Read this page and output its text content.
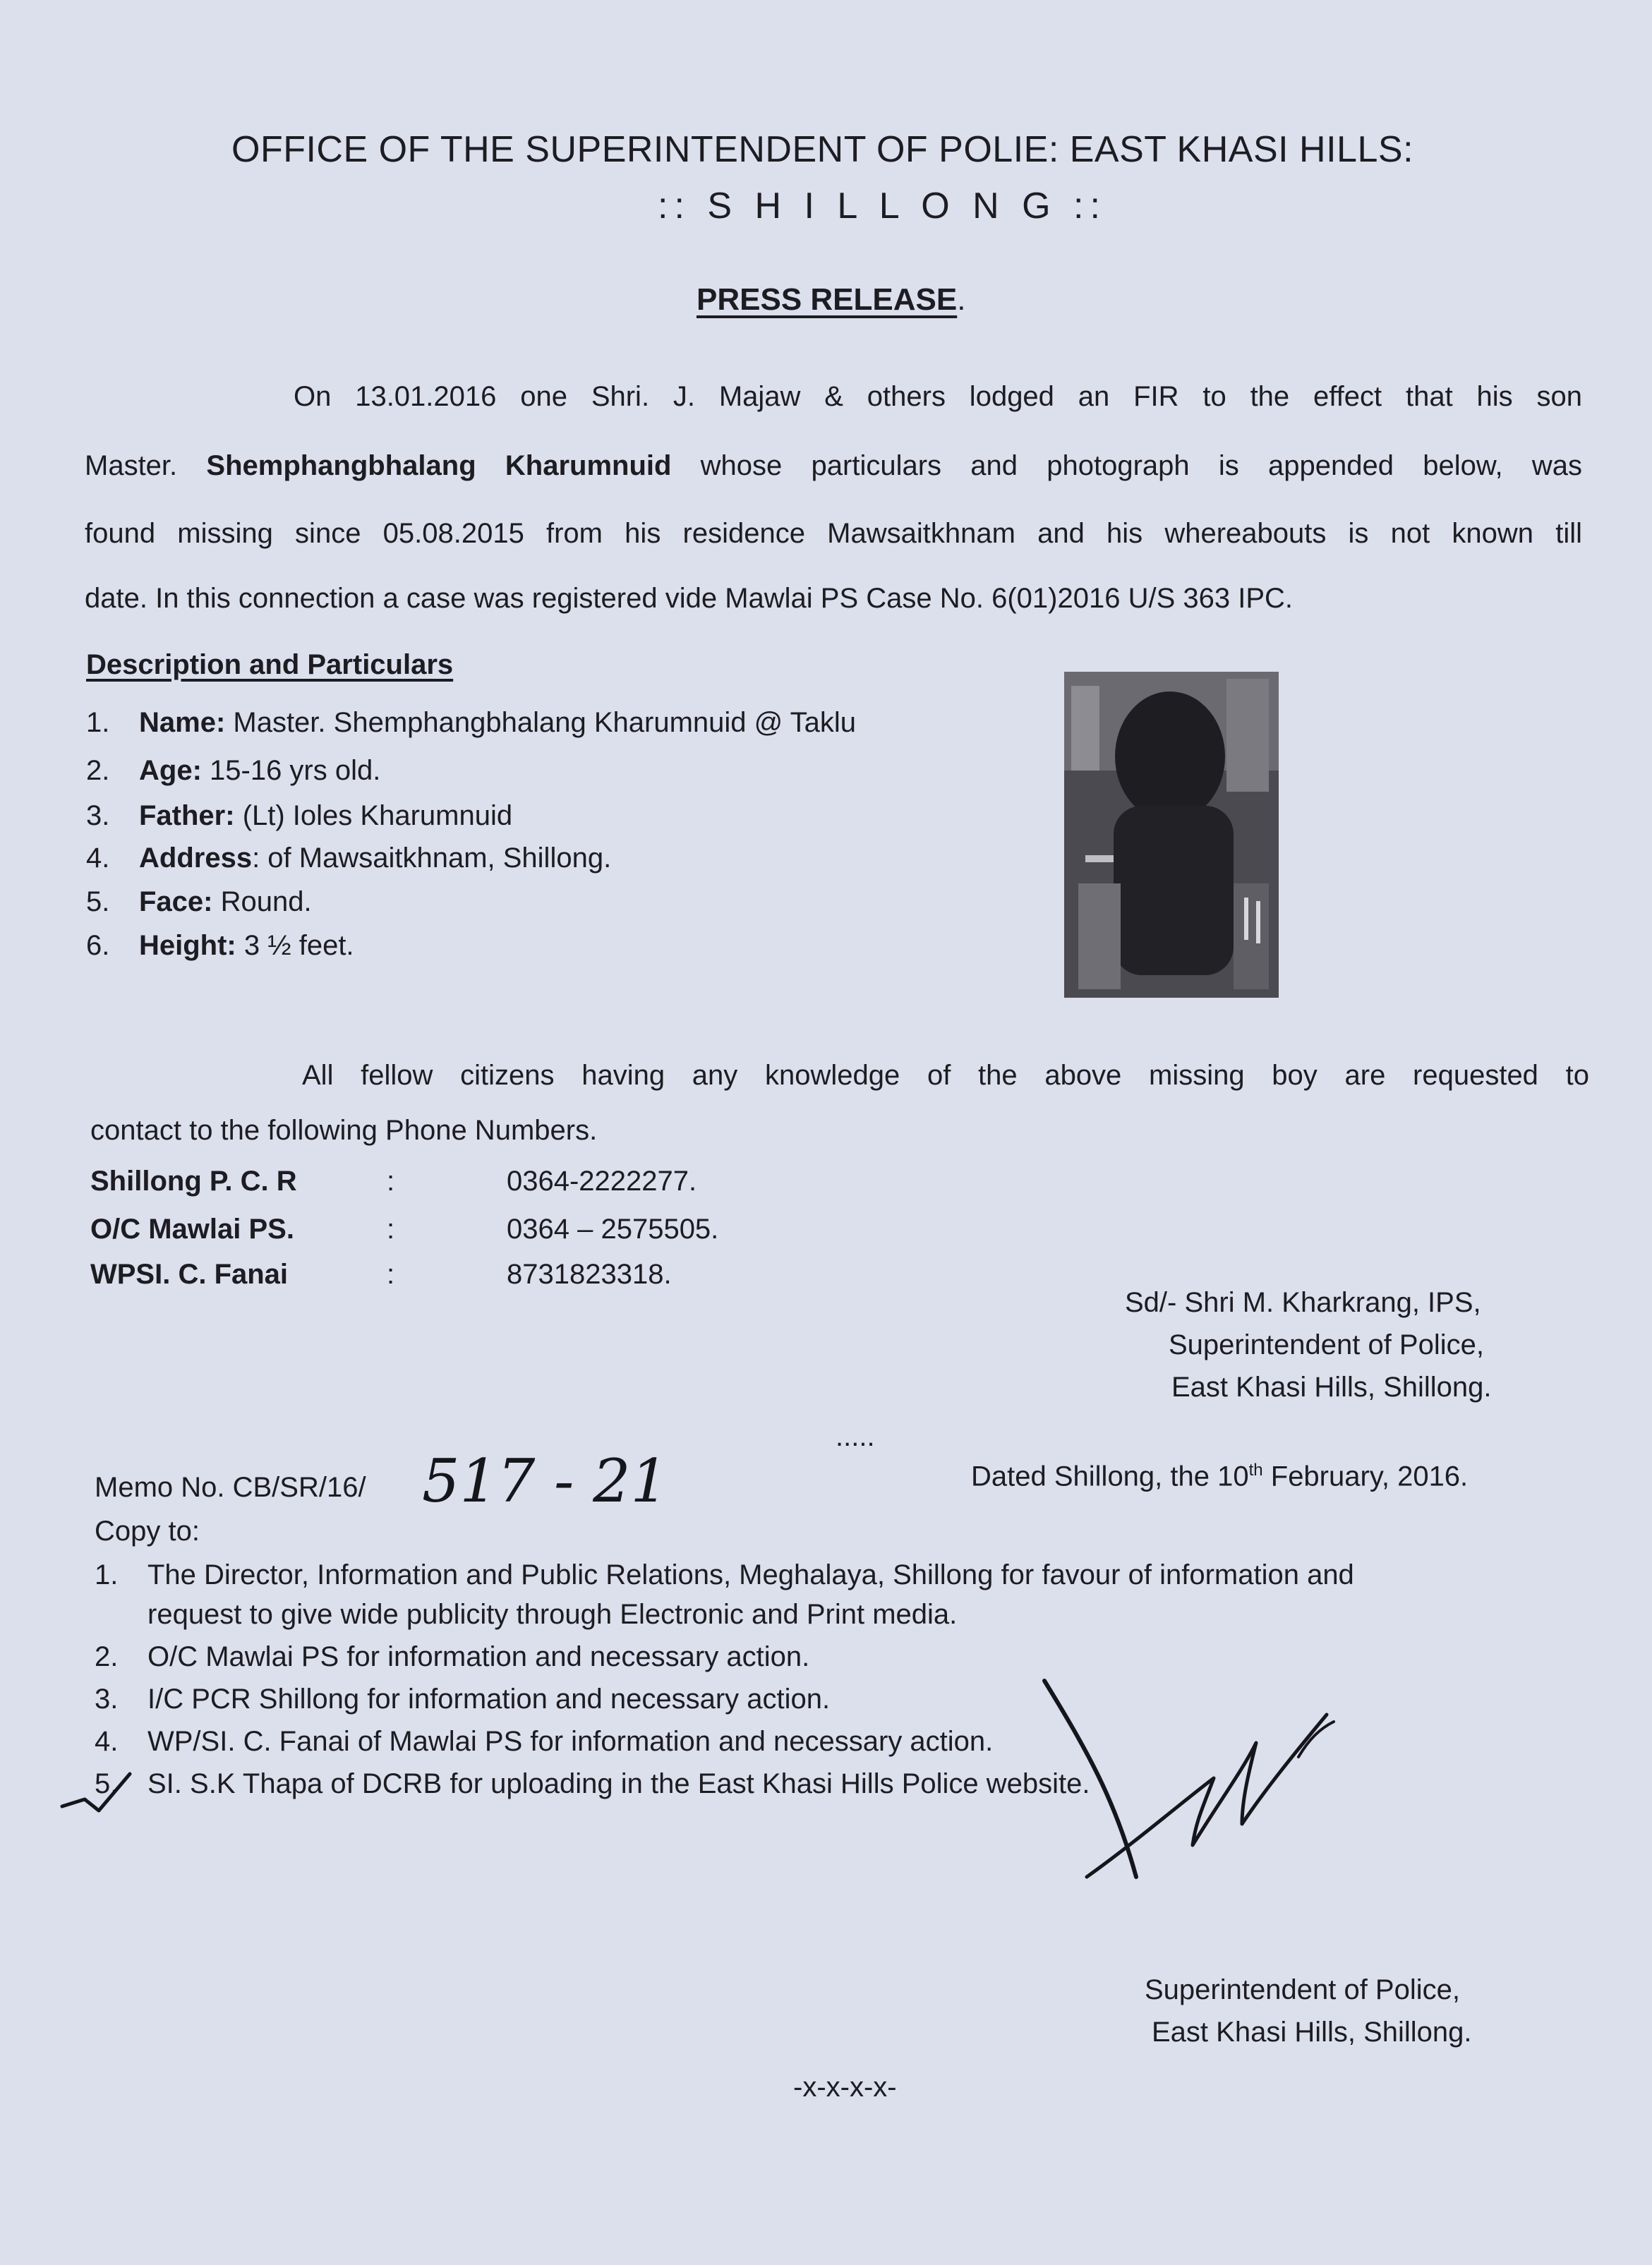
OFFICE OF THE SUPERINTENDENT OF POLIE: EAST KHASI HILLS:
:: S H I L L O N G ::
PRESS RELEASE.
On 13.01.2016 one Shri. J. Majaw & others lodged an FIR to the effect that his son
Master. Shemphangbhalang Kharumnuid whose particulars and photograph is appended below, was
found missing since 05.08.2015 from his residence Mawsaitkhnam and his whereabouts is not known till
date. In this connection a case was registered vide Mawlai PS Case No. 6(01)2016 U/S 363 IPC.
Description and Particulars
1. Name: Master. Shemphangbhalang Kharumnuid @ Taklu
2. Age: 15-16 yrs old.
3. Father: (Lt) Ioles Kharumnuid
4. Address: of Mawsaitkhnam, Shillong.
5. Face: Round.
6. Height: 3 ½ feet.
All fellow citizens having any knowledge of the above missing boy are requested to
contact to the following Phone Numbers.
Shillong P. C. R	:	0364-2222277.
O/C Mawlai PS.	:	0364 – 2575505.
WPSI. C. Fanai	:	8731823318.
Sd/- Shri M. Kharkrang, IPS,
Superintendent of Police,
East Khasi Hills, Shillong.
.....
Memo No. CB/SR/16/ 517 - 21	Dated Shillong, the 10th February, 2016.
Copy to:
1. The Director, Information and Public Relations, Meghalaya, Shillong for favour of information and
request to give wide publicity through Electronic and Print media.
2. O/C Mawlai PS for information and necessary action.
3. I/C PCR Shillong for information and necessary action.
4. WP/SI. C. Fanai of Mawlai PS for information and necessary action.
5. SI. S.K Thapa of DCRB for uploading in the East Khasi Hills Police website.
Superintendent of Police,
East Khasi Hills, Shillong.
-x-x-x-x-
